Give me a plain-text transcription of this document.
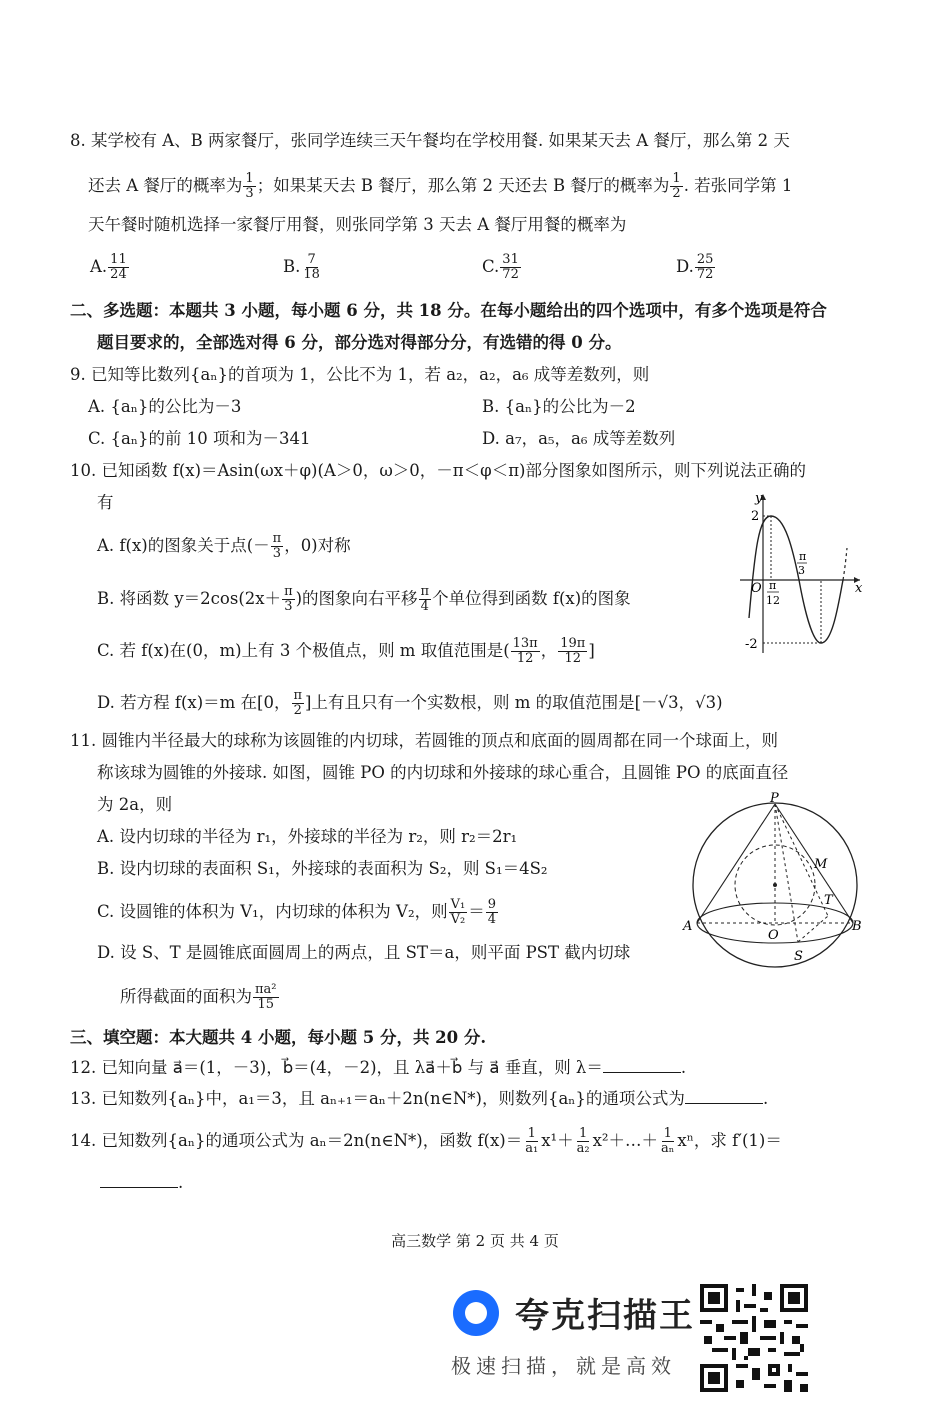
8. 某学校有 A、B 两家餐厅，张同学连续三天午餐均在学校用餐. 如果某天去 A 餐厅，那么第 2 天
还去 A 餐厅的概率为 $\frac{1}{3}$ ；如果某天去 B 餐厅，那么第 2 天还去 B 餐厅的概率为 $\frac{1}{2}$ . 若张同学第 1
天午餐时随机选择一家餐厅用餐，则张同学第 3 天去 A 餐厅用餐的概率为
A. $\frac{11}{24}$	B. $\frac{7}{18}$	C. $\frac{31}{72}$	D. $\frac{25}{72}$
二、多选题：本题共 3 小题，每小题 6 分，共 18 分。在每小题给出的四个选项中，有多个选项是符合
题目要求的，全部选对得 6 分，部分选对得部分分，有选错的得 0 分。
9. 已知等比数列{aₙ}的首项为 1，公比不为 1，若 a₂，a₂，a₆ 成等差数列，则
A. {aₙ}的公比为－3	B. {aₙ}的公比为－2
C. {aₙ}的前 10 项和为－341	D. a₇，a₅，a₆ 成等差数列
10. 已知函数 f(x)＝Asin(ωx＋φ)(A＞0，ω＞0，－π＜φ＜π)部分图象如图所示，则下列说法正确的
有
A. f(x)的图象关于点(－ $\frac{\pi}{3}$ ，0)对称
B. 将函数 $y=2\cos(2x+ \frac{\pi}{3}$ )的图象向右平移 $\frac{\pi}{4}$ 个单位得到函数 f(x)的图象
C. 若 f(x)在(0，m)上有 3 个极值点，则 m 取值范围是( $\frac{13\pi}{12}$ ， $\frac{19\pi}{12}$ ]
D. 若方程 f(x)＝m 在[0， $\frac{\pi}{2}$ ]上有且只有一个实数根，则 m 的取值范围是[－√3，√3)
y
x
O
2
-2
π
12
π
3
11. 圆锥内半径最大的球称为该圆锥的内切球，若圆锥的顶点和底面的圆周都在同一个球面上，则
称该球为圆锥的外接球. 如图，圆锥 PO 的内切球和外接球的球心重合，且圆锥 PO 的底面直径
为 2a，则
A. 设内切球的半径为 r₁，外接球的半径为 r₂，则 r₂＝2r₁
B. 设内切球的表面积 S₁，外接球的表面积为 S₂，则 S₁＝4S₂
C. 设圆锥的体积为 V₁，内切球的体积为 V₂，则 $\frac{\text{V₁}}{\text{V₂}} = \frac{9}{4}$
D. 设 S、T 是圆锥底面圆周上的两点，且 ST＝a，则平面 PST 截内切球
所得截面的面积为 $\frac{\text{πa²}}{15}$
P
M
A	B
O
S
T
三、填空题：本大题共 4 小题，每小题 5 分，共 20 分.
12. 已知向量 a⃗＝(1，－3)，b⃗＝(4，－2)，且 λa⃗＋b⃗ 与 a⃗ 垂直，则 λ＝	.
13. 已知数列{aₙ}中，a₁＝3，且 aₙ₊₁＝aₙ＋2n(n∈N*)，则数列{aₙ}的通项公式为	.
14. 已知数列{aₙ}的通项公式为 aₙ＝2n(n∈N*)，函数 $f(x)= \frac{1}{\text{a₁}} x^1+ \frac{1}{\text{a₂}}$ x²＋…＋ $\frac{1}{\text{aₙ}}$ xⁿ，求 f′(1)＝
.
高三数学 第 2 页 共 4 页
夸克扫描王
极速扫描，就是高效
